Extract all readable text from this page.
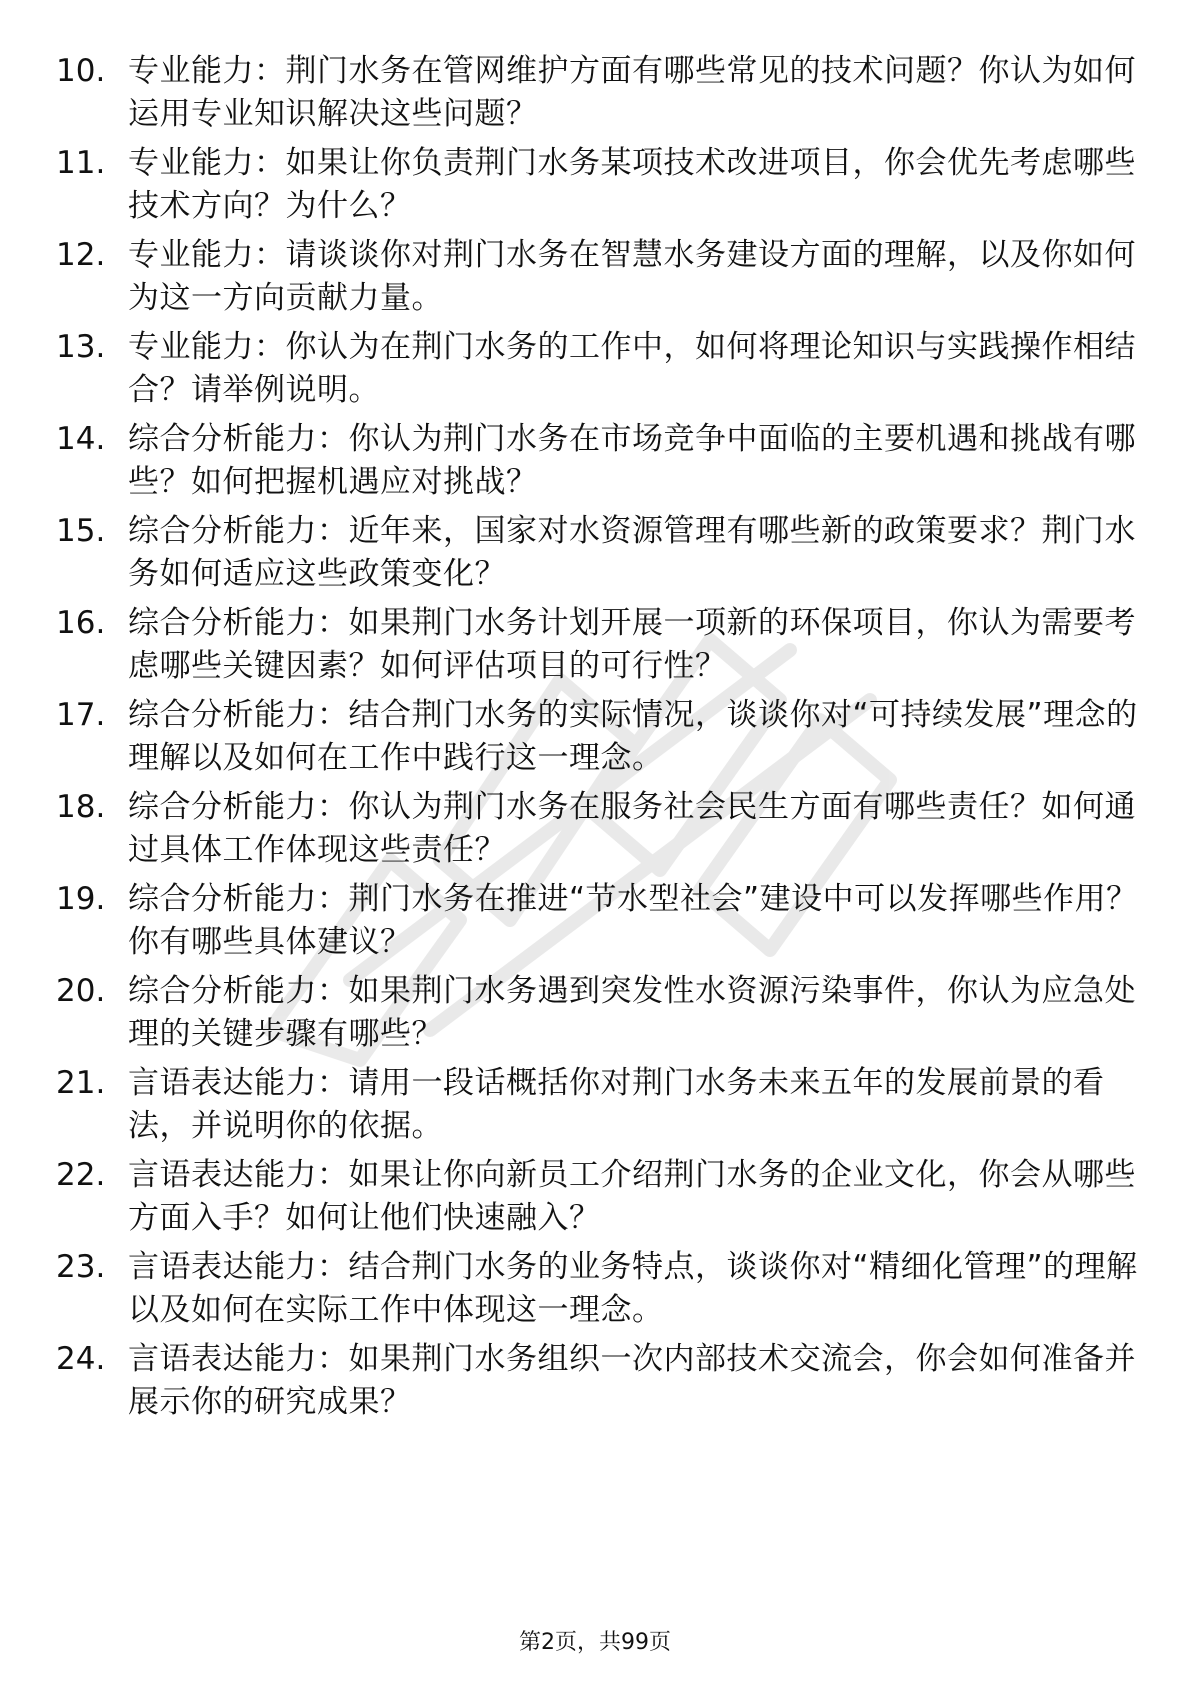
10. 专业能力：荆门水务在管网维护方面有哪些常见的技术问题？你认为如何运用专业知识解决这些问题？
11. 专业能力：如果让你负责荆门水务某项技术改进项目，你会优先考虑哪些技术方向？为什么？
12. 专业能力：请谈谈你对荆门水务在智慧水务建设方面的理解，以及你如何为这一方向贡献力量。
13. 专业能力：你认为在荆门水务的工作中，如何将理论知识与实践操作相结合？请举例说明。
14. 综合分析能力：你认为荆门水务在市场竞争中面临的主要机遇和挑战有哪些？如何把握机遇应对挑战？
15. 综合分析能力：近年来，国家对水资源管理有哪些新的政策要求？荆门水务如何适应这些政策变化？
16. 综合分析能力：如果荆门水务计划开展一项新的环保项目，你认为需要考虑哪些关键因素？如何评估项目的可行性？
17. 综合分析能力：结合荆门水务的实际情况，谈谈你对“可持续发展”理念的理解以及如何在工作中践行这一理念。
18. 综合分析能力：你认为荆门水务在服务社会民生方面有哪些责任？如何通过具体工作体现这些责任？
19. 综合分析能力：荆门水务在推进“节水型社会”建设中可以发挥哪些作用？你有哪些具体建议？
20. 综合分析能力：如果荆门水务遇到突发性水资源污染事件，你认为应急处理的关键步骤有哪些？
21. 言语表达能力：请用一段话概括你对荆门水务未来五年的发展前景的看法，并说明你的依据。
22. 言语表达能力：如果让你向新员工介绍荆门水务的企业文化，你会从哪些方面入手？如何让他们快速融入？
23. 言语表达能力：结合荆门水务的业务特点，谈谈你对“精细化管理”的理解以及如何在实际工作中体现这一理念。
24. 言语表达能力：如果荆门水务组织一次内部技术交流会，你会如何准备并展示你的研究成果？
第2页，共99页
